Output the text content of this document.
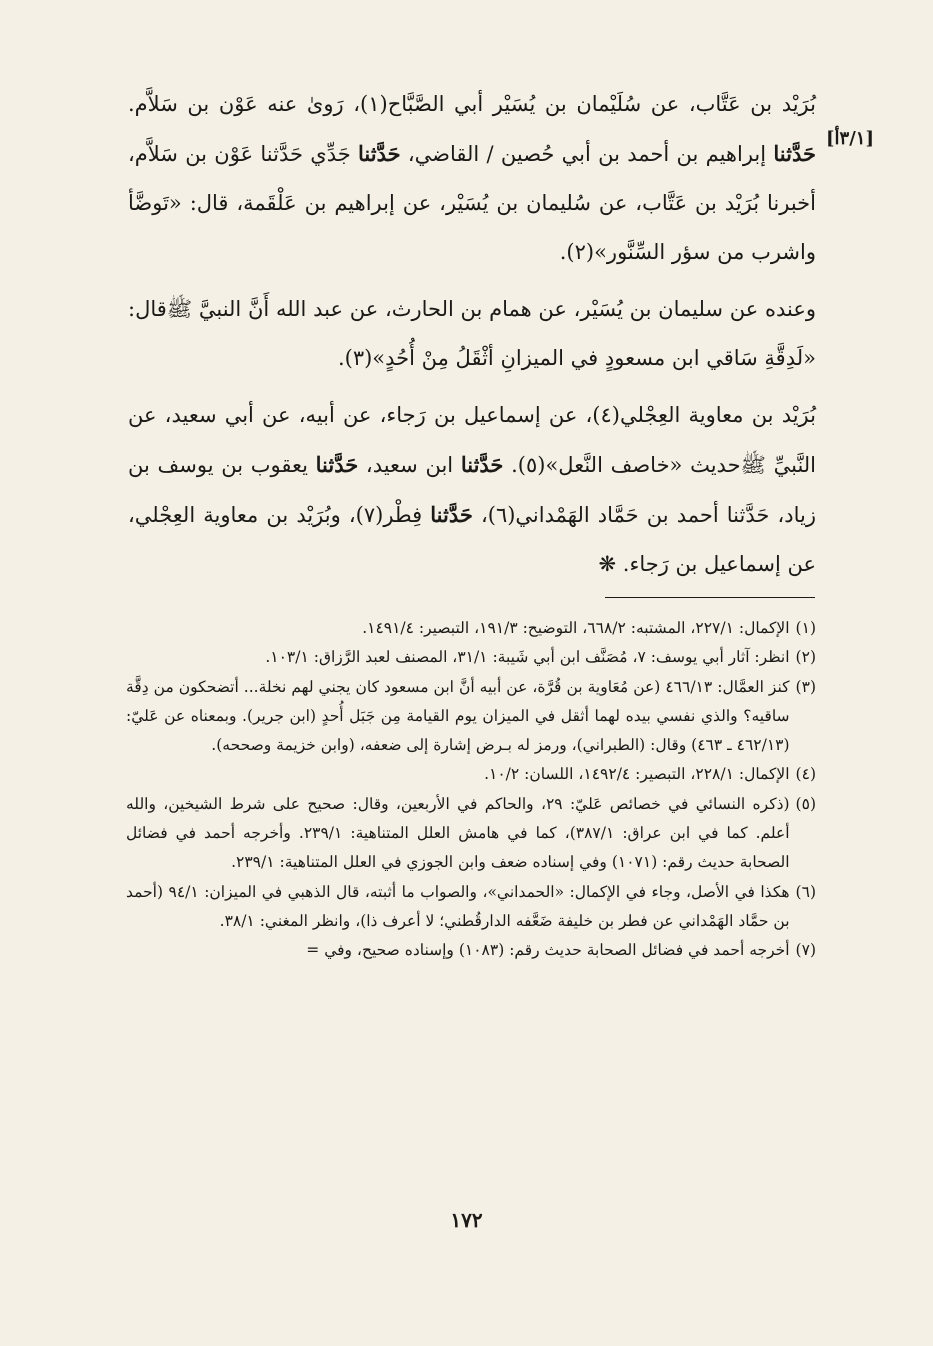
[٣/١أ]

بُرَيْد بن عَتَّاب، عن سُلَيْمان بن يُسَيْر أبي الصَّبَّاح(١)، رَوىٰ عنه عَوْن بن سَلاَّم. حَدَّثنا إبراهيم بن أحمد بن أبي حُصين / القاضي، حَدَّثنا جَدِّي حَدَّثنا عَوْن بن سَلاَّم، أخبرنا بُرَيْد بن عَتَّاب، عن سُليمان بن يُسَيْر، عن إبراهيم بن عَلْقَمة، قال: «تَوضَّأ واشرب من سؤر السِّنَّور»(٢).

وعنده عن سليمان بن يُسَيْر، عن همام بن الحارث، عن عبد الله أَنَّ النبيَّ ﷺقال: «لَدِقَّةِ سَاقي ابن مسعودٍ في الميزانِ أثْقَلُ مِنْ أُحُدٍ»(٣).

بُرَيْد بن معاوية العِجْلي(٤)، عن إسماعيل بن رَجاء، عن أبيه، عن أبي سعيد، عن النَّبيِّ ﷺحديث «خاصف النَّعل»(٥). حَدَّثنا ابن سعيد، حَدَّثنا يعقوب بن يوسف بن زياد، حَدَّثنا أحمد بن حَمَّاد الهَمْداني(٦)، حَدَّثنا فِطْر(٧)، وبُرَيْد بن معاوية العِجْلي، عن إسماعيل بن رَجاء. ❋

(١)
الإكمال: ٢٢٧/١، المشتبه: ٦٦٨/٢، التوضيح: ١٩١/٣، التبصير: ١٤٩١/٤.
(٢)
انظر: آثار أبي يوسف: ٧، مُصَنَّف ابن أبي شَيبة: ٣١/١، المصنف لعبد الرَّزاق: ١٠٣/١.
(٣)
كنز العمَّال: ٤٦٦/١٣ (عن مُعَاوية بن قُرَّة، عن أبيه أنَّ ابن مسعود كان يجني لهم نخلة... أتضحكون من دِقَّة ساقيه؟ والذي نفسي بيده لهما أثقل في الميزان يوم القيامة مِن جَبَل أُحدٍ (ابن جرير). وبمعناه عن عَليّ: (٤٦٢/١٣ ـ ٤٦٣) وقال: (الطبراني)، ورمز له بـرض إشارة إلى ضعفه، (وابن خزيمة وصححه).
(٤)
الإكمال: ٢٢٨/١، التبصير: ١٤٩٢/٤، اللسان: ١٠/٢.
(٥)
(ذكره النسائي في خصائص عَليّ: ٢٩، والحاكم في الأربعين، وقال: صحيح على شرط الشيخين، والله أعلم. كما في ابن عراق: ٣٨٧/١)، كما في هامش العلل المتناهية: ٢٣٩/١. وأخرجه أحمد في فضائل الصحابة حديث رقم: (١٠٧١) وفي إسناده ضعف وابن الجوزي في العلل المتناهية: ٢٣٩/١.
(٦)
هكذا في الأصل، وجاء في الإكمال: «الحمداني»، والصواب ما أثبته، قال الذهبي في الميزان: ٩٤/١ (أحمد بن حمَّاد الهَمْداني عن فطر بن خليفة ضَعَّفه الدارقُطني؛ لا أعرف ذا)، وانظر المغني: ٣٨/١.
(٧)
أخرجه أحمد في فضائل الصحابة حديث رقم: (١٠٨٣) وإسناده صحيح، وفي =
١٧٢
